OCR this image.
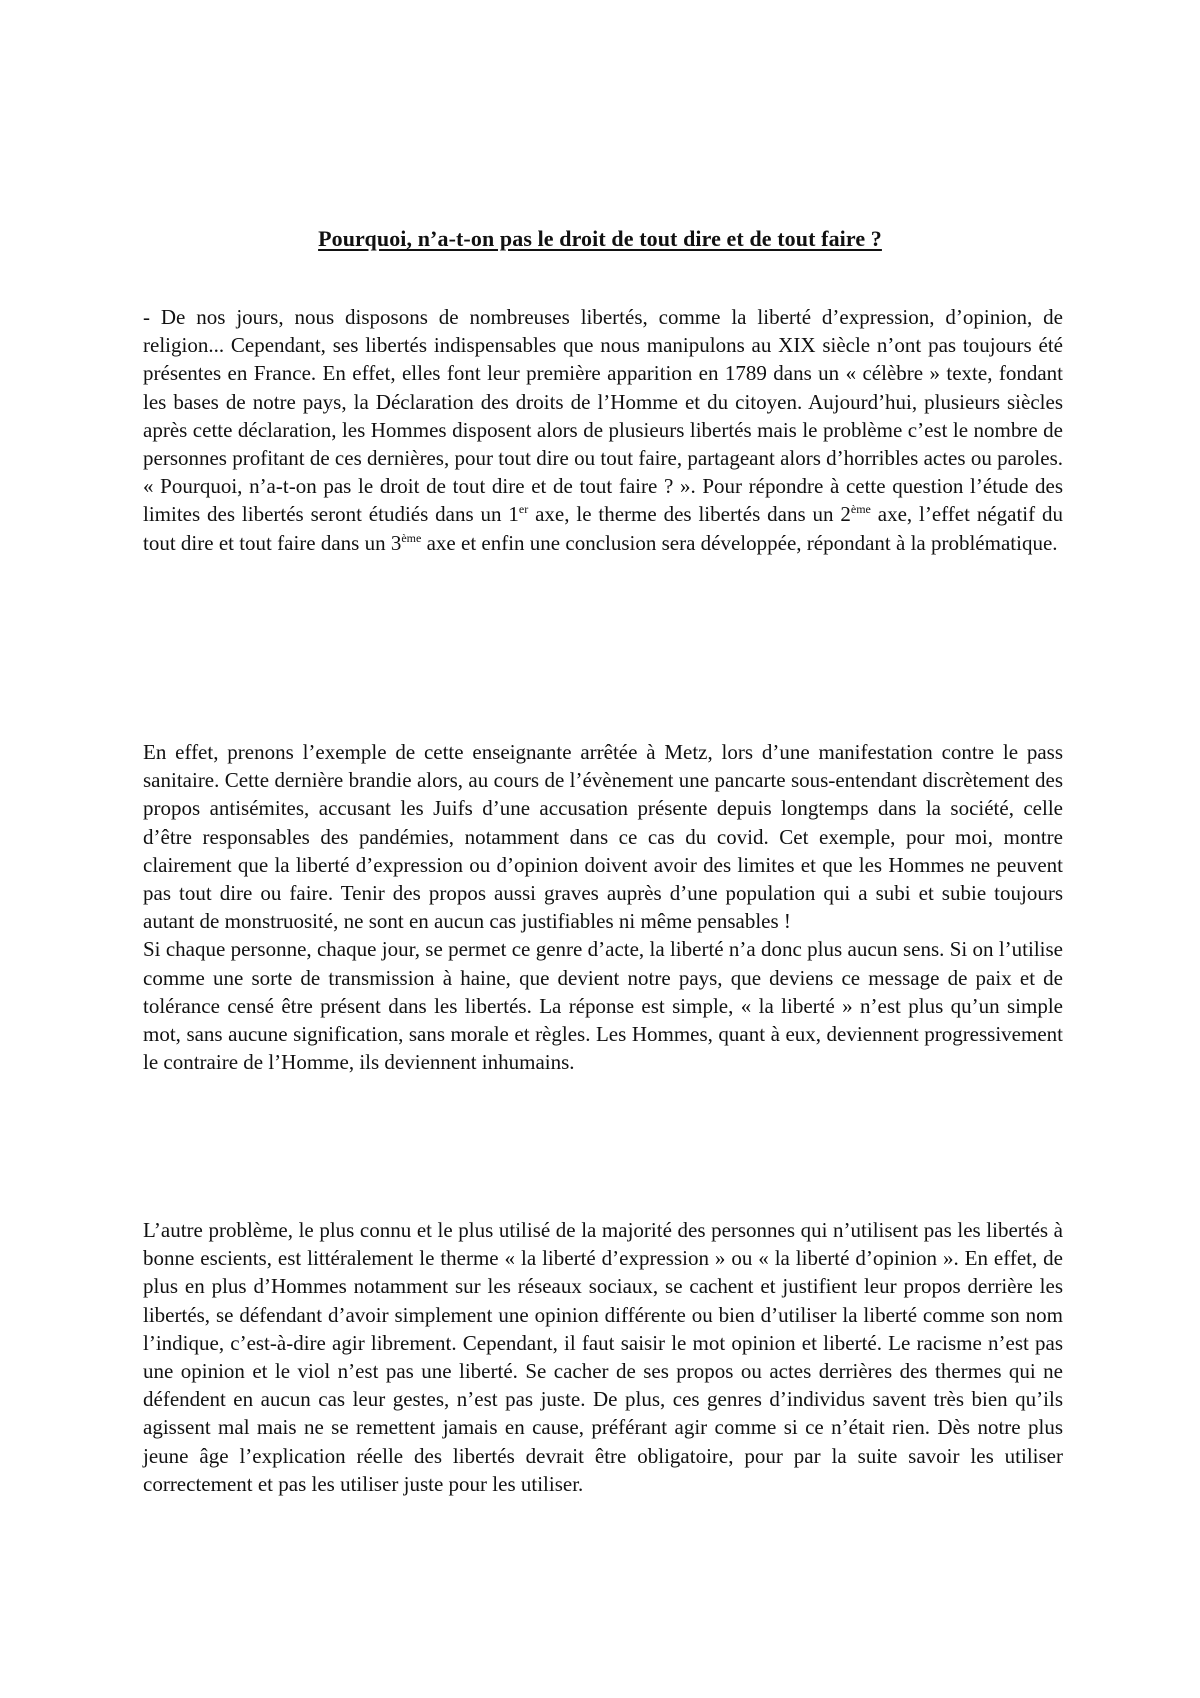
Pourquoi, n’a-t-on pas le droit de tout dire et de tout faire ?

- De nos jours, nous disposons de nombreuses libertés, comme la liberté d’expression, d’opinion, de religion... Cependant, ses libertés indispensables que nous manipulons au XIX siècle n’ont pas toujours été présentes en France. En effet, elles font leur première apparition en 1789 dans un « célèbre » texte, fondant les bases de notre pays, la Déclaration des droits de l’Homme et du citoyen. Aujourd’hui, plusieurs siècles après cette déclaration, les Hommes disposent alors de plusieurs libertés mais le problème c’est le nombre de personnes profitant de ces dernières, pour tout dire ou tout faire, partageant alors d’horribles actes ou paroles. « Pourquoi, n’a-t-on pas le droit de tout dire et de tout faire ? ». Pour répondre à cette question l’étude des limites des libertés seront étudiés dans un 1er axe, le therme des libertés dans un 2ème axe, l’effet négatif du tout dire et tout faire dans un 3ème axe et enfin une conclusion sera développée, répondant à la problématique.

En effet, prenons l’exemple de cette enseignante arrêtée à Metz, lors d’une manifestation contre le pass sanitaire. Cette dernière brandie alors, au cours de l’évènement une pancarte sous-entendant discrètement des propos antisémites, accusant les Juifs d’une accusation présente depuis longtemps dans la société, celle d’être responsables des pandémies, notamment dans ce cas du covid. Cet exemple, pour moi, montre clairement que la liberté d’expression ou d’opinion doivent avoir des limites et que les Hommes ne peuvent pas tout dire ou faire. Tenir des propos aussi graves auprès d’une population qui a subi et subie toujours autant de monstruosité, ne sont en aucun cas justifiables ni même pensables !
Si chaque personne, chaque jour, se permet ce genre d’acte, la liberté n’a donc plus aucun sens. Si on l’utilise comme une sorte de transmission à haine, que devient notre pays, que deviens ce message de paix et de tolérance censé être présent dans les libertés. La réponse est simple, « la liberté » n’est plus qu’un simple mot, sans aucune signification, sans morale et règles. Les Hommes, quant à eux, deviennent progressivement le contraire de l’Homme, ils deviennent inhumains.

L’autre problème, le plus connu et le plus utilisé de la majorité des personnes qui n’utilisent pas les libertés à bonne escients, est littéralement le therme « la liberté d’expression » ou « la liberté d’opinion ». En effet, de plus en plus d’Hommes notamment sur les réseaux sociaux, se cachent et justifient leur propos derrière les libertés, se défendant d’avoir simplement une opinion différente ou bien d’utiliser la liberté comme son nom l’indique, c’est-à-dire agir librement. Cependant, il faut saisir le mot opinion et liberté. Le racisme n’est pas une opinion et le viol n’est pas une liberté. Se cacher de ses propos ou actes derrières des thermes qui ne défendent en aucun cas leur gestes, n’est pas juste. De plus, ces genres d’individus savent très bien qu’ils agissent mal mais ne se remettent jamais en cause, préférant agir comme si ce n’était rien. Dès notre plus jeune âge l’explication réelle des libertés devrait être obligatoire, pour par la suite savoir les utiliser correctement et pas les utiliser juste pour les utiliser.
